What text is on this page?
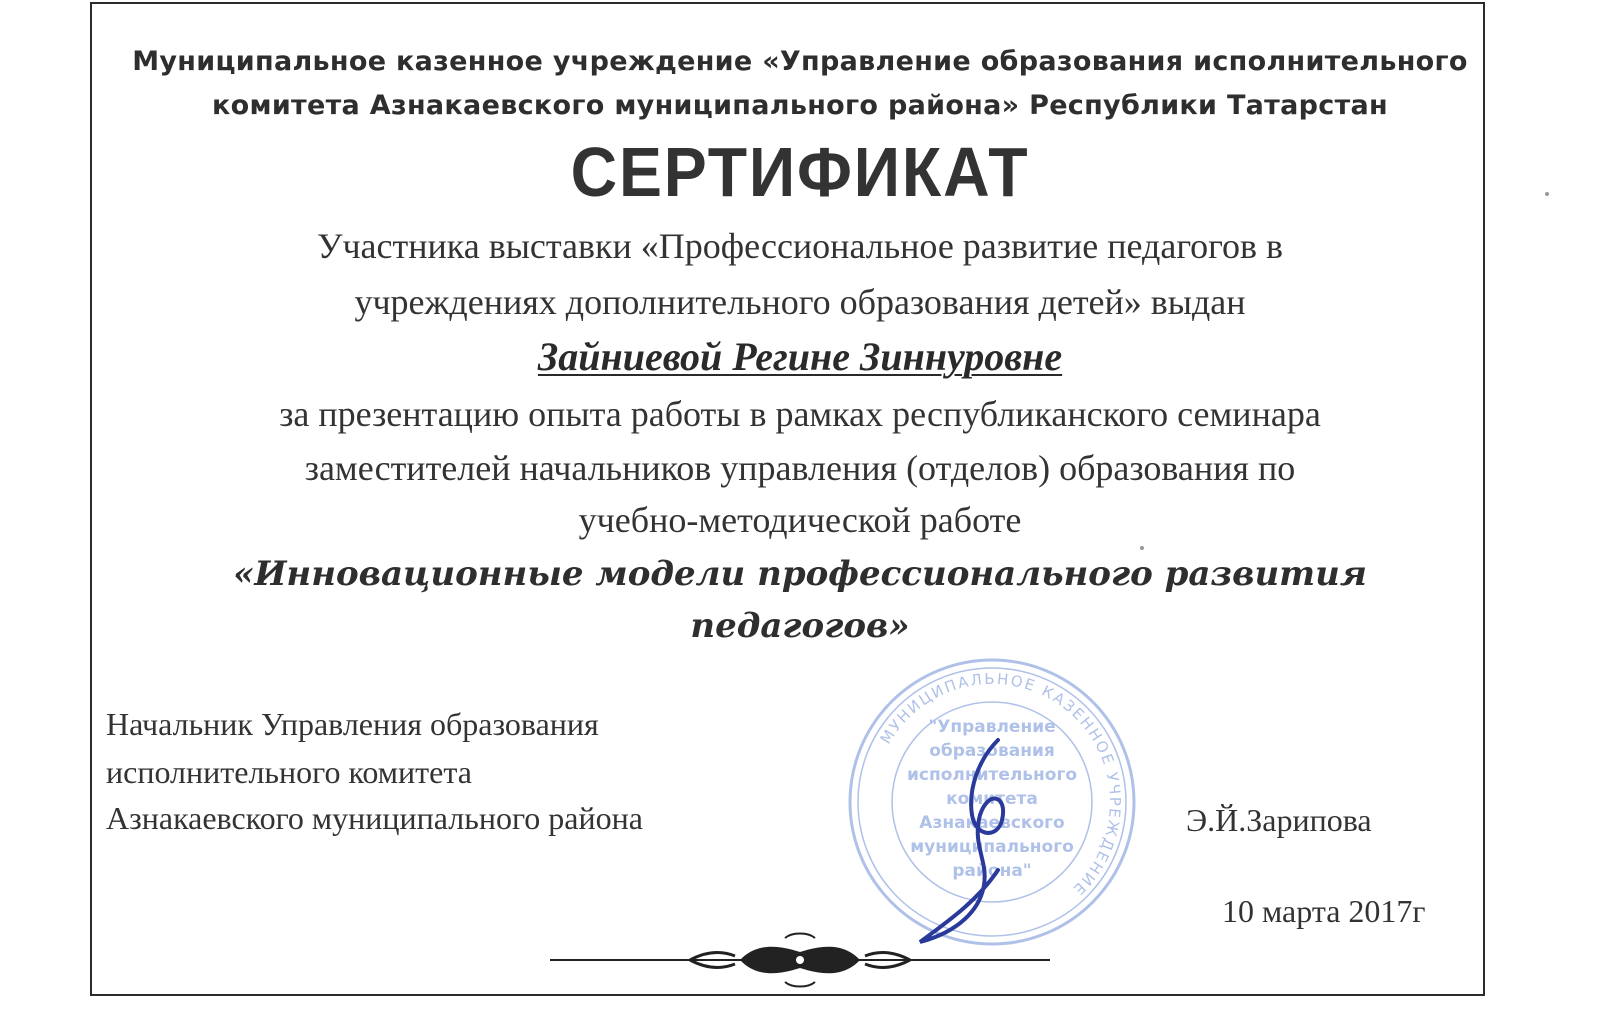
Муниципальное казенное учреждение «Управление образования исполнительного
комитета Азнакаевского муниципального района» Республики Татарстан
СЕРТИФИКАТ
Участника выставки «Профессиональное развитие педагогов в
учреждениях дополнительного образования детей» выдан
Зайниевой Регине Зиннуровне
за презентацию опыта работы в рамках республиканского семинара
заместителей начальников управления (отделов) образования по
учебно-методической работе
«Инновационные модели профессионального развития
педагогов»
Начальник Управления образования
исполнительного комитета
Азнакаевского муниципального района	Э.Й.Зарипова
10 марта 2017г
МУНИЦИПАЛЬНОЕ КАЗЕННОЕ УЧРЕЖДЕНИЕ
"Управление
образования
исполнительного
комитета
Азнакаевского
муниципального
района"
